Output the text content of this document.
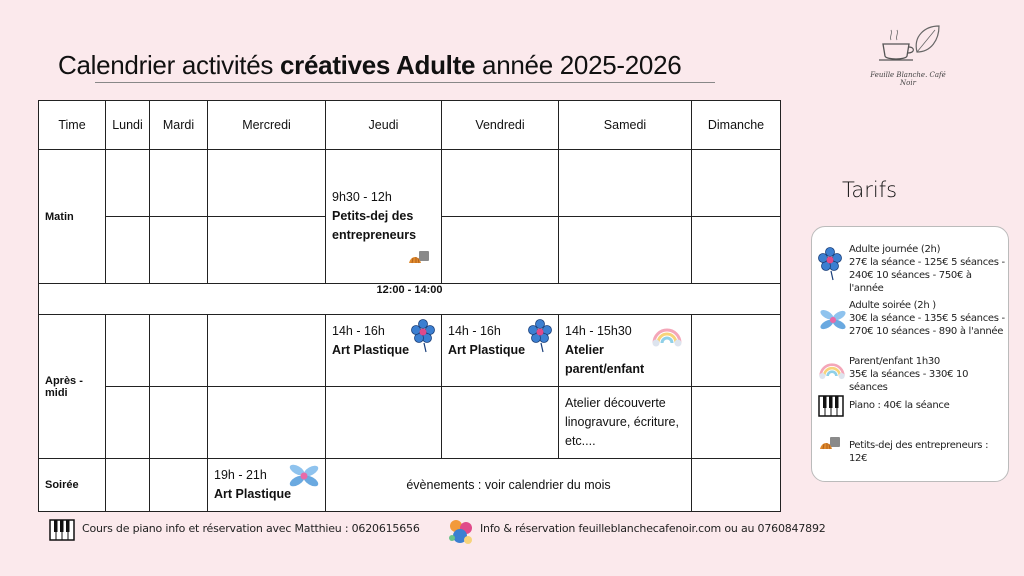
Calendrier activités créatives Adulte année 2025-2026	Feuille Blanche. Café Noir
Time	Lundi	Mardi	Mercredi	Jeudi	Vendredi	Samedi	Dimanche
Matin				9h30 - 12h
Petits-dej des entrepreneurs

12:00 - 14:00							
Après - midi				14h - 16h
Art Plastique	14h - 16h
Art Plastique	14h - 15h30
Atelier parent/enfant	

						Atelier découverte linogravure, écriture, etc....	
Soirée			19h - 21h
Art Plastique	évènements : voir calendrier du mois			
Tarifs
Adulte journée (2h)
27€ la séance - 125€ 5 séances -
240€ 10 séances - 750€ à l'année
Adulte soirée (2h )
30€ la séance - 135€ 5 séances -
270€ 10 séances - 890 à l'année
Parent/enfant 1h30
35€ la séances - 330€ 10 séances
Piano : 40€ la séance
Petits-dej des entrepreneurs : 12€
Cours de piano info et réservation avec Matthieu : 0620615656	Info & réservation feuilleblanchecafenoir.com ou au 0760847892
